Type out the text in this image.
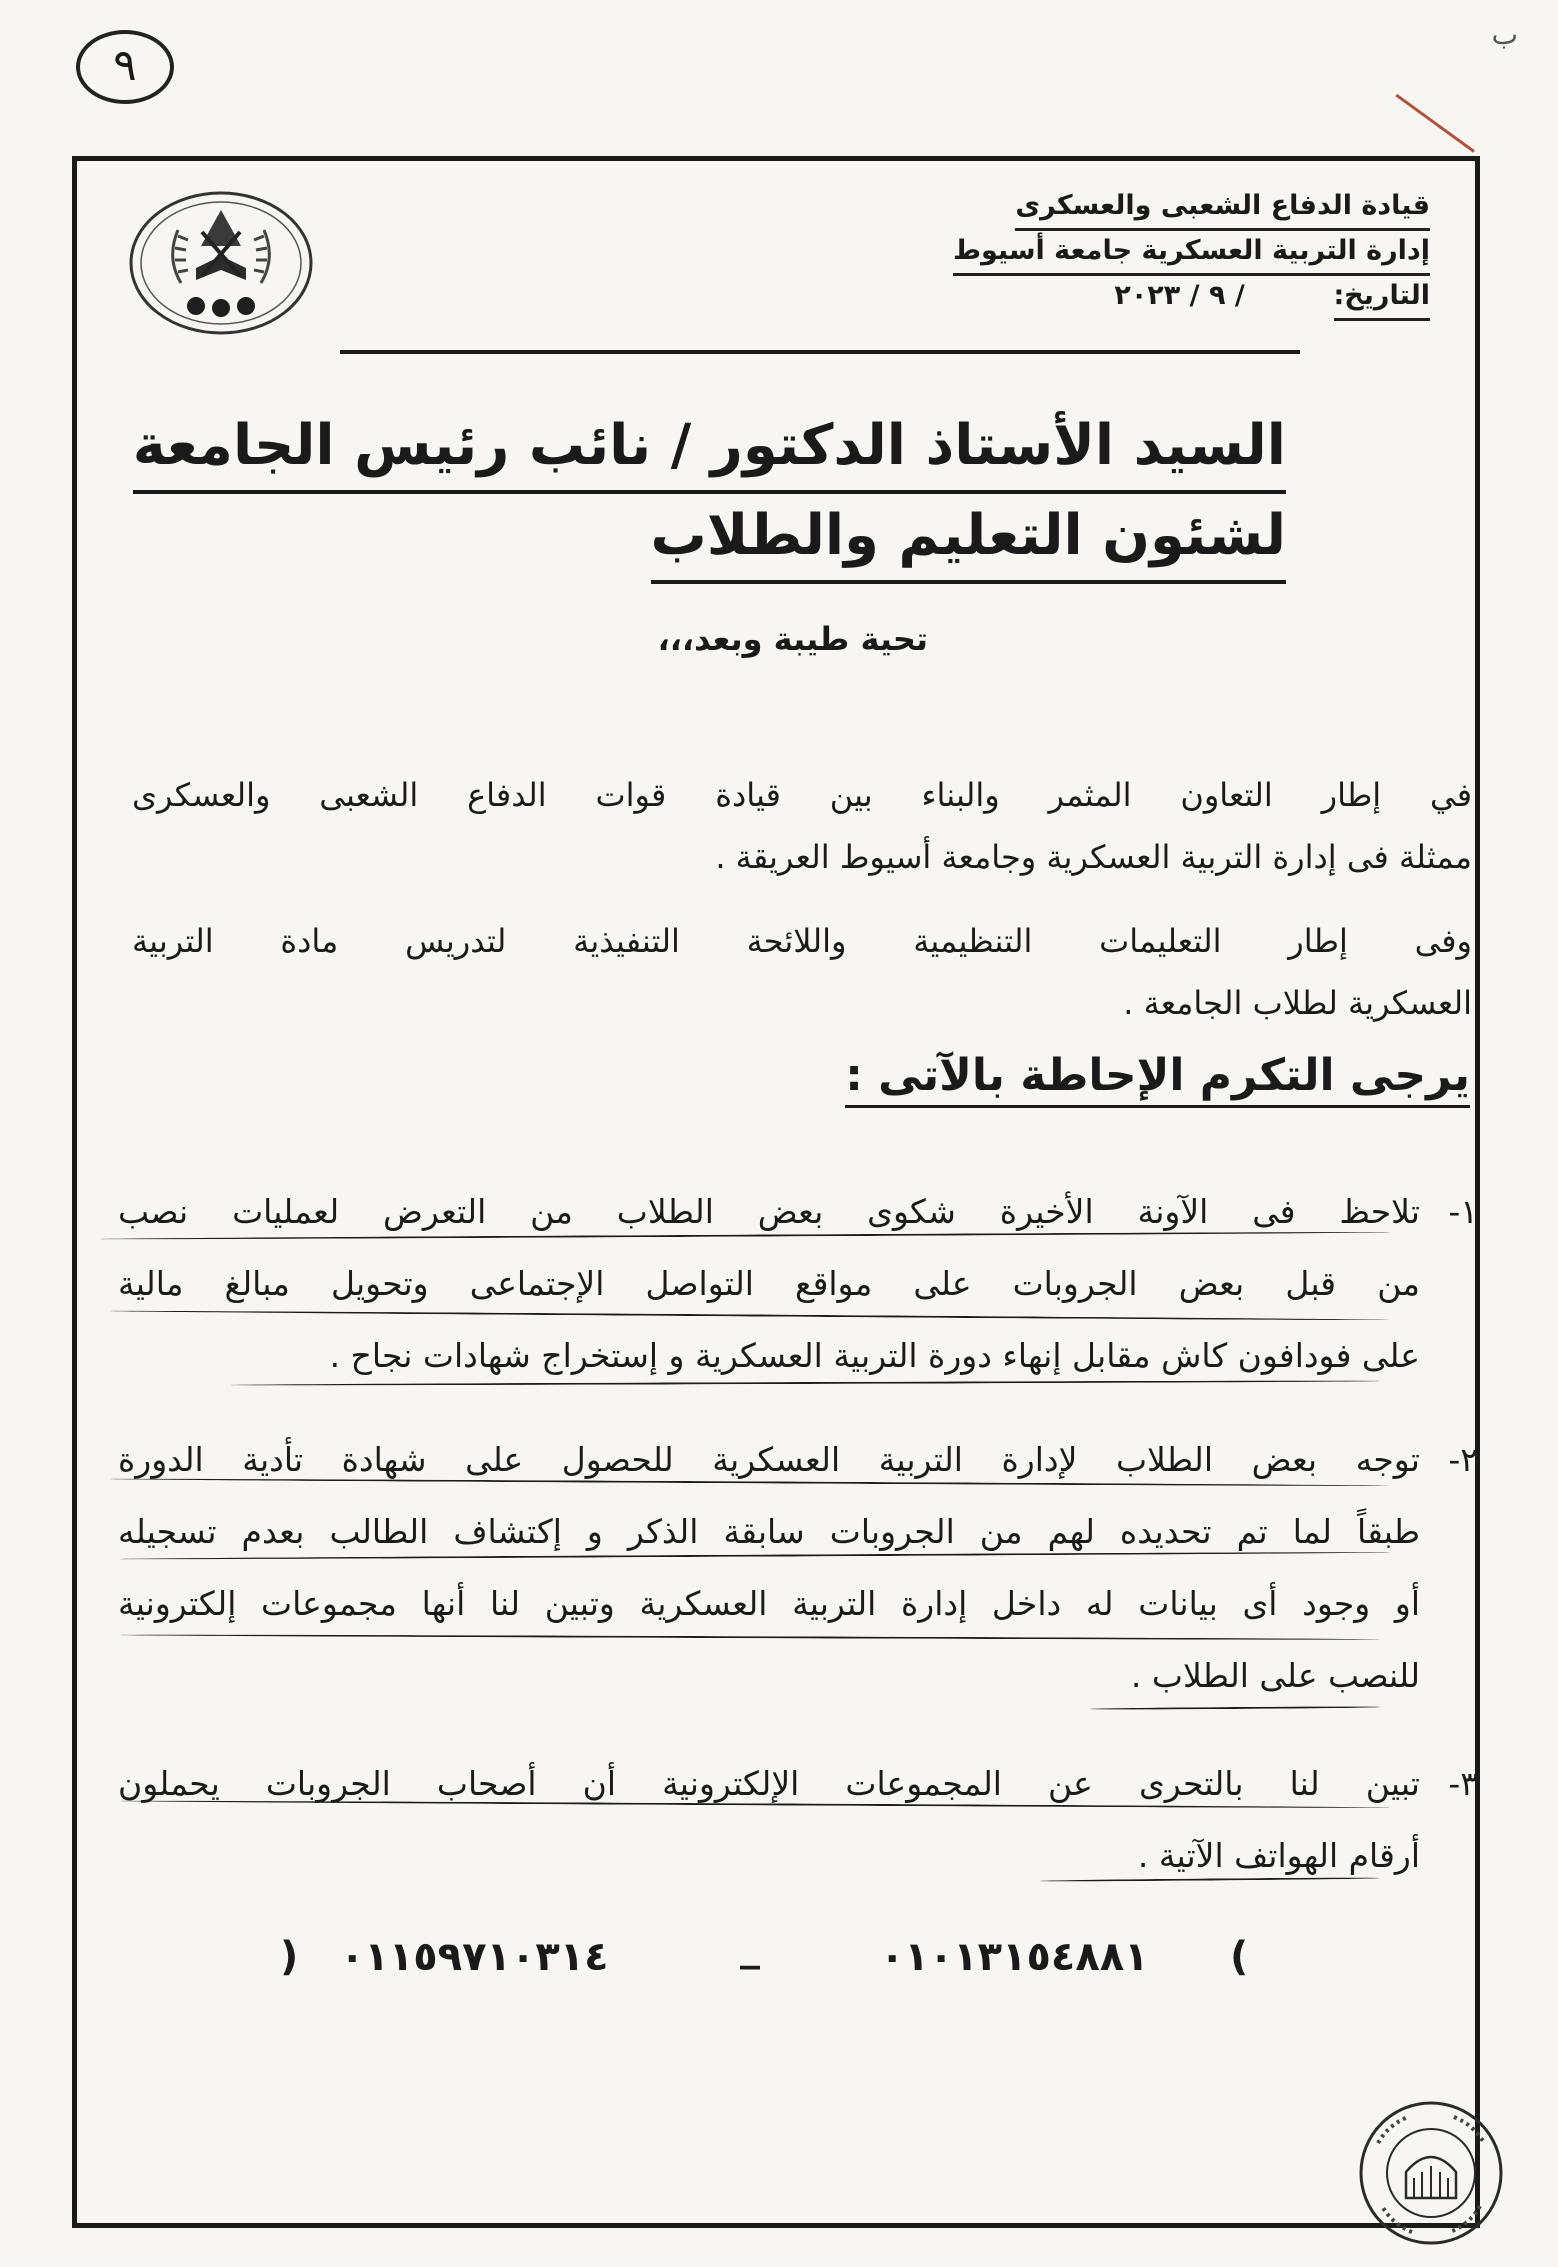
٩
ب
قيادة الدفاع الشعبى والعسكرى
إدارة التربية العسكرية جامعة أسيوط
التاريخ:  / ٩ / ٢٠٢٣
السيد الأستاذ الدكتور / نائب رئيس الجامعة
لشئون التعليم والطلاب
تحية طيبة وبعد،،،
في إطار التعاون المثمر والبناء بين قيادة قوات الدفاع الشعبى والعسكرى
ممثلة فى إدارة التربية العسكرية وجامعة أسيوط العريقة .
وفى إطار التعليمات التنظيمية واللائحة التنفيذية لتدريس مادة التربية
العسكرية لطلاب الجامعة .
يرجى التكرم الإحاطة بالآتى :
١-
تلاحظ فى الآونة الأخيرة شكوى بعض الطلاب من التعرض لعمليات نصب
من قبل بعض الجروبات على مواقع التواصل الإجتماعى وتحويل مبالغ مالية
على فودافون كاش مقابل إنهاء دورة التربية العسكرية و إستخراج شهادات نجاح .
٢-
توجه بعض الطلاب لإدارة التربية العسكرية للحصول على شهادة تأدية الدورة
طبقاً لما تم تحديده لهم من الجروبات سابقة الذكر و إكتشاف الطالب بعدم تسجيله
أو وجود أى بيانات له داخل إدارة التربية العسكرية وتبين لنا أنها مجموعات إلكترونية
للنصب على الطلاب .
٣-
تبين لنا بالتحرى عن المجموعات الإلكترونية أن أصحاب الجروبات يحملون
أرقام الهواتف الآتية .
(
٠١٠١٣١٥٤٨٨١
_
٠١١٥٩٧١٠٣١٤
)
